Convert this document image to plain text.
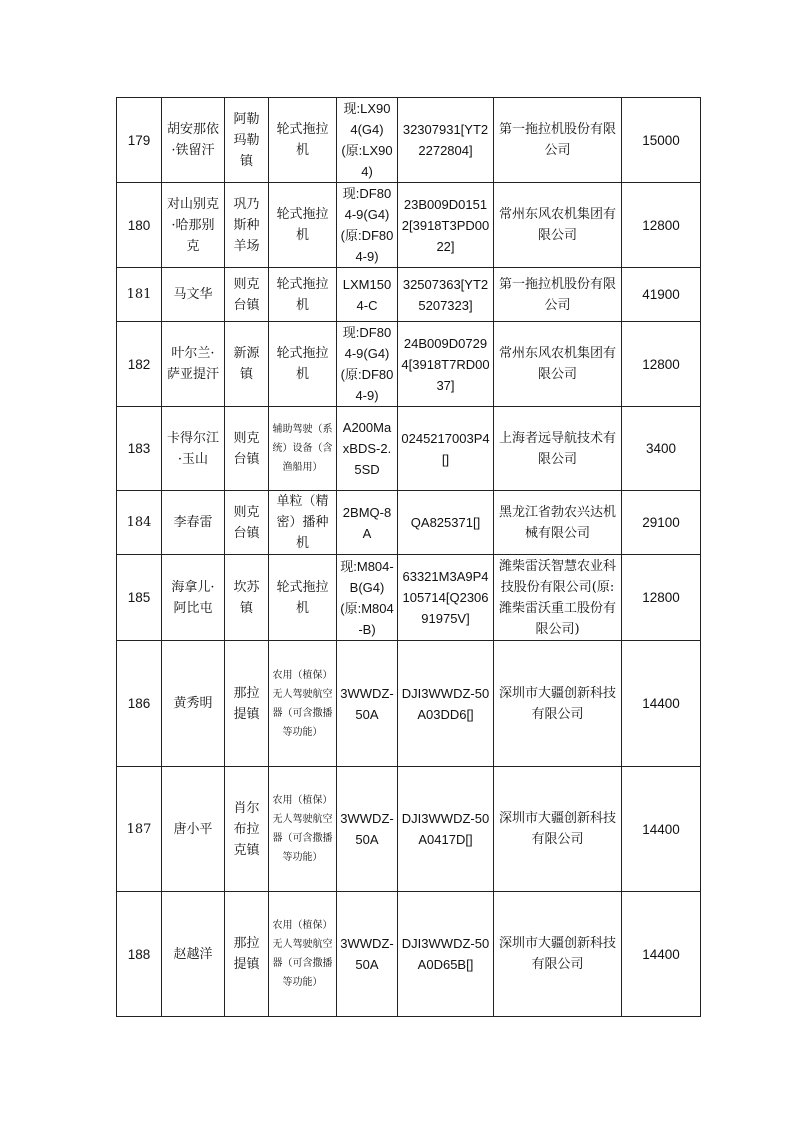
179	胡安那依·铁留汗	阿勒玛勒镇	轮式拖拉机	现:LX904(G4)(原:LX904)	32307931[YT22272804]	第一拖拉机股份有限公司	15000
180	对山别克·哈那别克	巩乃斯种羊场	轮式拖拉机	现:DF804-9(G4)(原:DF804-9)	23B009D01512[3918T3PD0022]	常州东风农机集团有限公司	12800
181	马文华	则克台镇	轮式拖拉机	LXM1504-C	32507363[YT25207323]	第一拖拉机股份有限公司	41900
182	叶尔兰·萨亚提汗	新源镇	轮式拖拉机	现:DF804-9(G4)(原:DF804-9)	24B009D07294[3918T7RD0037]	常州东风农机集团有限公司	12800
183	卡得尔江·玉山	则克台镇	辅助驾驶（系统）设备（含渔船用）	A200MaxBDS-2.5SD	0245217003P4[]	上海者远导航技术有限公司	3400
184	李春雷	则克台镇	单粒（精密）播种机	2BMQ-8A	QA825371[]	黑龙江省勃农兴达机械有限公司	29100
185	海拿儿·阿比屯	坎苏镇	轮式拖拉机	现:M804-B(G4)(原:M804-B)	63321M3A9P4105714[Q230691975V]	潍柴雷沃智慧农业科技股份有限公司(原:潍柴雷沃重工股份有限公司)	12800
186	黄秀明	那拉提镇	农用（植保）无人驾驶航空器（可含撒播等功能）	3WWDZ-50A	DJI3WWDZ-50A03DD6[]	深圳市大疆创新科技有限公司	14400
187	唐小平	肖尔布拉克镇	农用（植保）无人驾驶航空器（可含撒播等功能）	3WWDZ-50A	DJI3WWDZ-50A0417D[]	深圳市大疆创新科技有限公司	14400
188	赵越洋	那拉提镇	农用（植保）无人驾驶航空器（可含撒播等功能）	3WWDZ-50A	DJI3WWDZ-50A0D65B[]	深圳市大疆创新科技有限公司	14400
